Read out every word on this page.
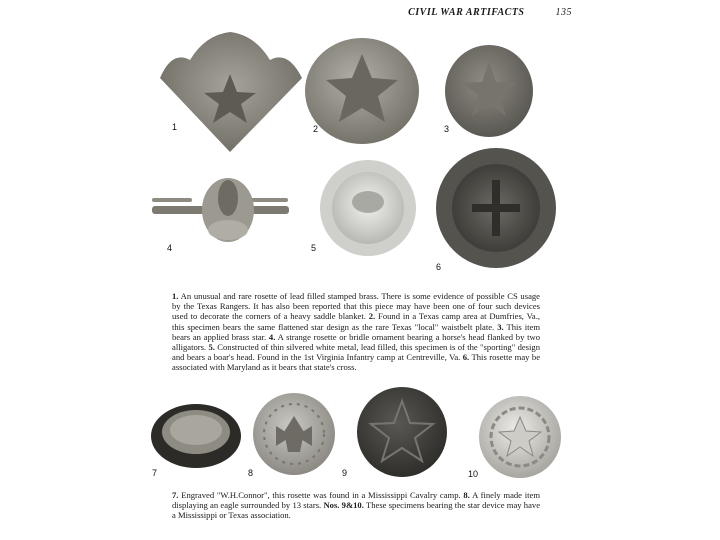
CIVIL WAR ARTIFACTS	135
1	2	3
4	5
6
1. An unusual and rare rosette of lead filled stamped brass. There is some evidence of possible CS usage by the Texas Rangers. It has also been reported that this piece may have been one of four such devices used to decorate the corners of a heavy saddle blanket. 2. Found in a Texas camp area at Dumfries, Va., this specimen bears the same flattened star design as the rare Texas "local" waistbelt plate. 3. This item bears an applied brass star. 4. A strange rosette or bridle ornament bearing a horse's head flanked by two alligators. 5. Constructed of thin silvered white metal, lead filled, this specimen is of the "sporting" design and bears a boar's head. Found in the 1st Virginia Infantry camp at Centreville, Va. 6. This rosette may be associated with Maryland as it bears that state's cross.
7	8	9	10
7. Engraved "W.H.Connor", this rosette was found in a Mississippi Cavalry camp. 8. A finely made item displaying an eagle surrounded by 13 stars. Nos. 9&10. These specimens bearing the star device may have a Mississippi or Texas association.
